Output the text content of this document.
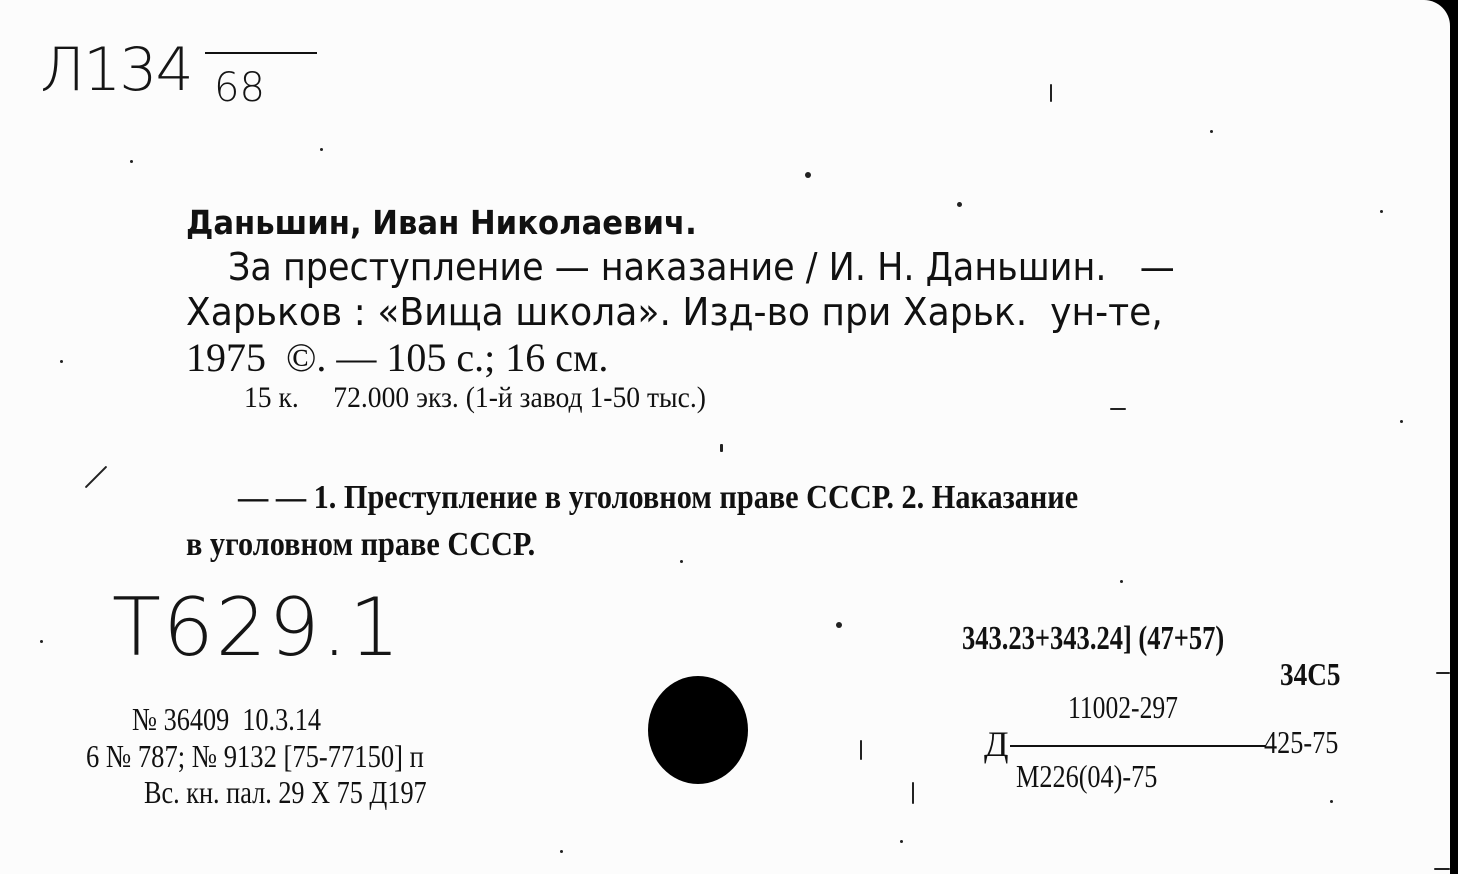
Л134 68
Даньшин, Иван Николаевич.
За преступление — наказание / И. Н. Даньшин.   —
Харьков : «Вища школа». Изд-во при Харьк.  ун-те,
1975  ©. — 105 с.; 16 см.
15 к.     72.000 экз. (1-й завод 1-50 тыс.)
— — 1. Преступление в уголовном праве СССР. 2. Наказание
в уголовном праве СССР.
Т629.1	343.23+343.24] (47+57)
34С5
11002-297
Д	425-75
М226(04)-75
№ 36409  10.3.14
6 № 787; № 9132 [75-77150] п
Вс. кн. пал. 29 Х 75 Д197
